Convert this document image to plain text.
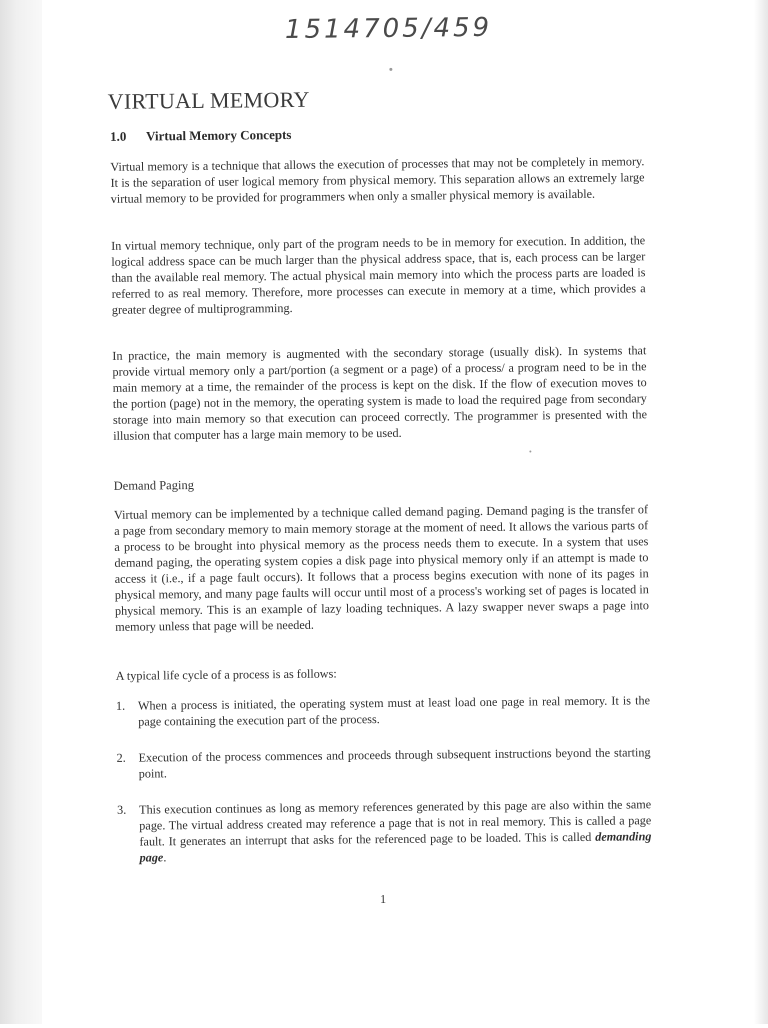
1514705/459
VIRTUAL MEMORY
1.0 Virtual Memory Concepts

Virtual memory is a technique that allows the execution of processes that may not be completely in memory. It is the separation of user logical memory from physical memory. This separation allows an extremely large virtual memory to be provided for programmers when only a smaller physical memory is available.

In virtual memory technique, only part of the program needs to be in memory for execution. In addition, the logical address space can be much larger than the physical address space, that is, each process can be larger than the available real memory. The actual physical main memory into which the process parts are loaded is referred to as real memory. Therefore, more processes can execute in memory at a time, which provides a greater degree of multiprogramming.

In practice, the main memory is augmented with the secondary storage (usually disk). In systems that provide virtual memory only a part/portion (a segment or a page) of a process/ a program need to be in the main memory at a time, the remainder of the process is kept on the disk. If the flow of execution moves to the portion (page) not in the memory, the operating system is made to load the required page from secondary storage into main memory so that execution can proceed correctly. The programmer is presented with the illusion that computer has a large main memory to be used.

Demand Paging

Virtual memory can be implemented by a technique called demand paging. Demand paging is the transfer of a page from secondary memory to main memory storage at the moment of need. It allows the various parts of a process to be brought into physical memory as the process needs them to execute. In a system that uses demand paging, the operating system copies a disk page into physical memory only if an attempt is made to access it (i.e., if a page fault occurs). It follows that a process begins execution with none of its pages in physical memory, and many page faults will occur until most of a process's working set of pages is located in physical memory. This is an example of lazy loading techniques. A lazy swapper never swaps a page into memory unless that page will be needed.

A typical life cycle of a process is as follows:

1. When a process is initiated, the operating system must at least load one page in real memory. It is the page containing the execution part of the process.
2. Execution of the process commences and proceeds through subsequent instructions beyond the starting point.
3. This execution continues as long as memory references generated by this page are also within the same page. The virtual address created may reference a page that is not in real memory. This is called a page fault. It generates an interrupt that asks for the referenced page to be loaded. This is called demanding page.
1
